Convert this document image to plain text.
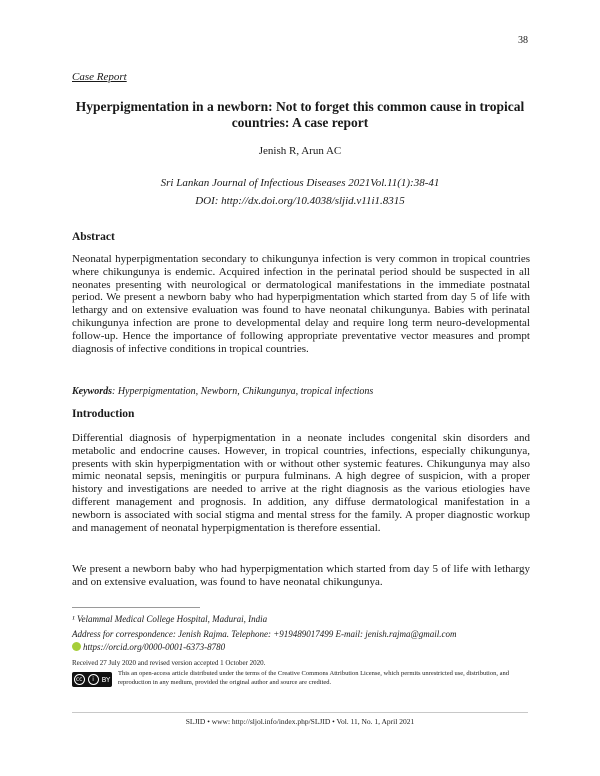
38
Case Report
Hyperpigmentation in a newborn: Not to forget this common cause in tropical countries: A case report
Jenish R, Arun AC
Sri Lankan Journal of Infectious Diseases 2021Vol.11(1):38-41
DOI: http://dx.doi.org/10.4038/sljid.v11i1.8315
Abstract
Neonatal hyperpigmentation secondary to chikungunya infection is very common in tropical countries where chikungunya is endemic. Acquired infection in the perinatal period should be suspected in all neonates presenting with neurological or dermatological manifestations in the immediate postnatal period. We present a newborn baby who had hyperpigmentation which started from day 5 of life with lethargy and on extensive evaluation was found to have neonatal chikungunya. Babies with perinatal chikungunya infection are prone to developmental delay and require long term neuro-developmental follow-up. Hence the importance of following appropriate preventative vector measures and prompt diagnosis of infective conditions in tropical countries.
Keywords: Hyperpigmentation, Newborn, Chikungunya, tropical infections
Introduction
Differential diagnosis of hyperpigmentation in a neonate includes congenital skin disorders and metabolic and endocrine causes. However, in tropical countries, infections, especially chikungunya, presents with skin hyperpigmentation with or without other systemic features. Chikungunya may also mimic neonatal sepsis, meningitis or purpura fulminans. A high degree of suspicion, with a proper history and investigations are needed to arrive at the right diagnosis as the various etiologies have different management and prognosis. In addition, any diffuse dermatological manifestation in a newborn is associated with social stigma and mental stress for the family. A proper diagnostic workup and management of neonatal hyperpigmentation is therefore essential.
We present a newborn baby who had hyperpigmentation which started from day 5 of life with lethargy and on extensive evaluation, was found to have neonatal chikungunya.
¹ Velammal Medical College Hospital, Madurai, India
Address for correspondence: Jenish Rajma. Telephone: +919489017499 E-mail: jenish.rajma@gmail.com
https://orcid.org/0000-0001-6373-8780
Received 27 July 2020 and revised version accepted 1 October 2020.
cc	i	BY
This an open-access article distributed under the terms of the Creative Commons Attribution License, which permits unrestricted use, distribution, and reproduction in any medium, provided the original author and source are credited.
SLJID • www: http://sljol.info/index.php/SLJID • Vol. 11, No. 1, April 2021
